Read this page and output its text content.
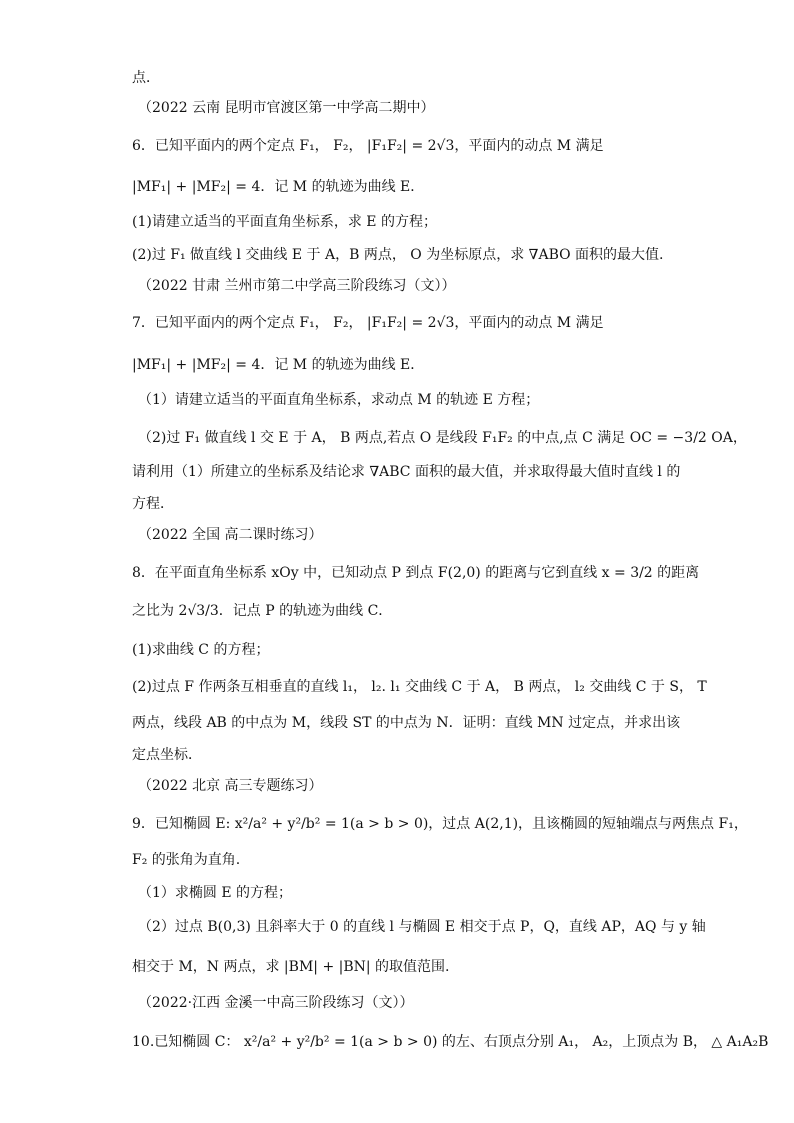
点．
（2022 云南 昆明市官渡区第一中学高二期中）
6．已知平面内的两个定点 F₁， F₂， |F₁F₂| = 2√3，平面内的动点 M 满足
|MF₁| + |MF₂| = 4．记 M 的轨迹为曲线 E．
(1)请建立适当的平面直角坐标系，求 E 的方程；
(2)过 F₁ 做直线 l 交曲线 E 于 A，B 两点， O 为坐标原点，求 ∇ABO 面积的最大值.
（2022 甘肃 兰州市第二中学高三阶段练习（文））
7．已知平面内的两个定点 F₁， F₂， |F₁F₂| = 2√3，平面内的动点 M 满足
|MF₁| + |MF₂| = 4．记 M 的轨迹为曲线 E．
（1）请建立适当的平面直角坐标系，求动点 M 的轨迹 E 方程；
（2)过 F₁ 做直线 l 交 E 于 A， B 两点,若点 O 是线段 F₁F₂ 的中点,点 C 满足 OC = −3/2 OA，
请利用（1）所建立的坐标系及结论求 ∇ABC 面积的最大值，并求取得最大值时直线 l 的
方程．
（2022 全国 高二课时练习）
8．在平面直角坐标系 xOy 中，已知动点 P 到点 F(2,0) 的距离与它到直线 x = 3/2 的距离
之比为 2√3/3．记点 P 的轨迹为曲线 C．
(1)求曲线 C 的方程；
(2)过点 F 作两条互相垂直的直线 l₁， l₂. l₁ 交曲线 C 于 A， B 两点， l₂ 交曲线 C 于 S， T
两点，线段 AB 的中点为 M，线段 ST 的中点为 N．证明：直线 MN 过定点，并求出该
定点坐标．
（2022 北京 高三专题练习）
9．已知椭圆 E: x²/a² + y²/b² = 1(a > b > 0)，过点 A(2,1)，且该椭圆的短轴端点与两焦点 F₁，
F₂ 的张角为直角.
（1）求椭圆 E 的方程；
（2）过点 B(0,3) 且斜率大于 0 的直线 l 与椭圆 E 相交于点 P，Q，直线 AP，AQ 与 y 轴
相交于 M，N 两点，求 |BM| + |BN| 的取值范围.
（2022·江西 金溪一中高三阶段练习（文））
10.已知椭圆 C： x²/a² + y²/b² = 1(a > b > 0) 的左、右顶点分别 A₁， A₂，上顶点为 B， △ A₁A₂B
